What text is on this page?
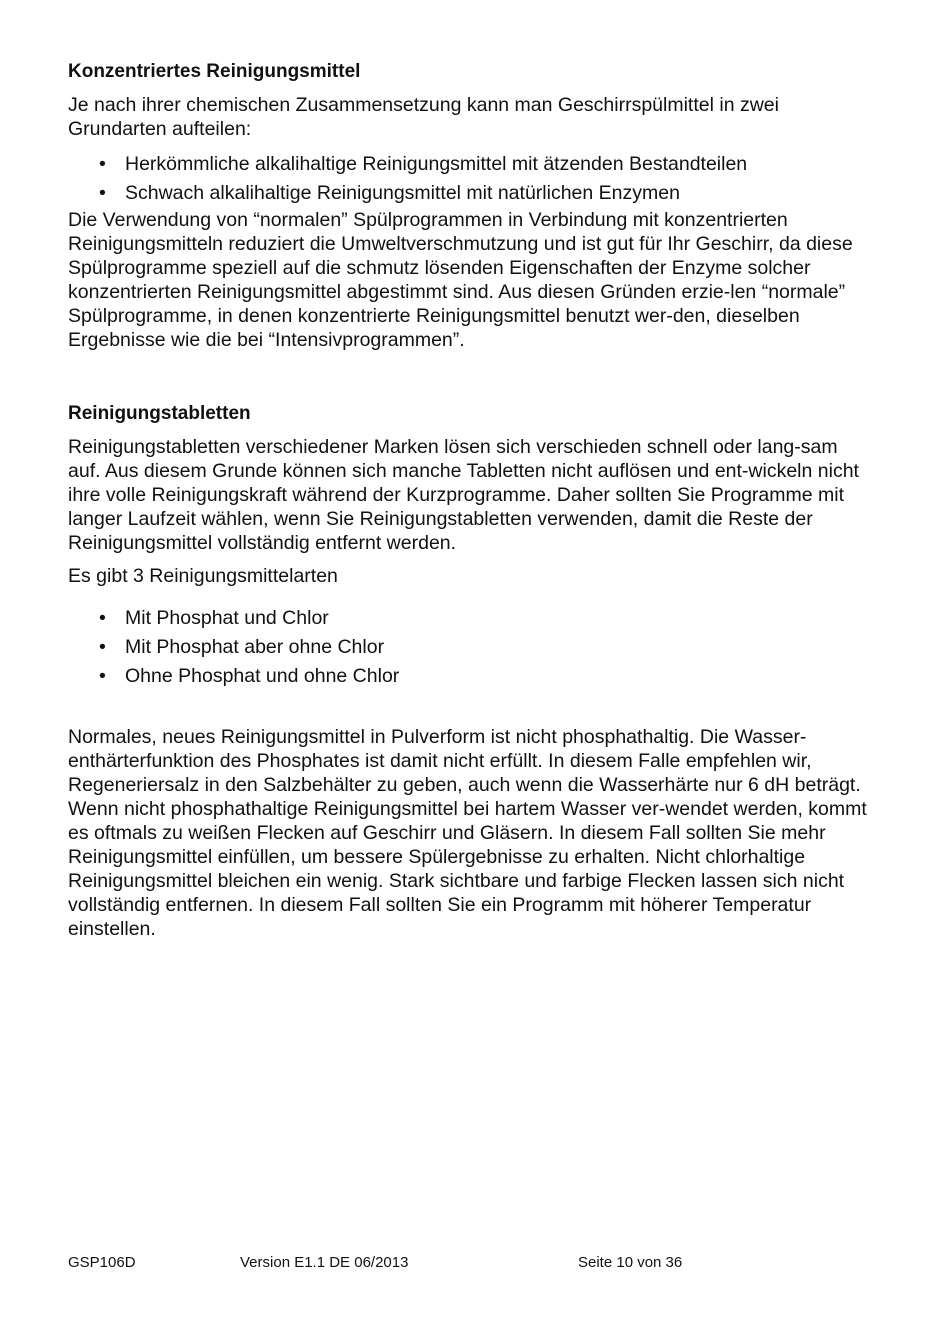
Konzentriertes Reinigungsmittel

Je nach ihrer chemischen Zusammensetzung kann man Geschirrspülmittel in zwei Grundarten aufteilen:

• Herkömmliche alkalihaltige Reinigungsmittel mit ätzenden Bestandteilen
• Schwach alkalihaltige Reinigungsmittel mit natürlichen Enzymen

Die Verwendung von “normalen” Spülprogrammen in Verbindung mit konzentrierten Reinigungsmitteln reduziert die Umweltverschmutzung und ist gut für Ihr Geschirr, da diese Spülprogramme speziell auf die schmutz lösenden Eigenschaften der Enzyme solcher konzentrierten Reinigungsmittel abgestimmt sind. Aus diesen Gründen erzie-len “normale” Spülprogramme, in denen konzentrierte Reinigungsmittel benutzt wer-den, dieselben Ergebnisse wie die bei “Intensivprogrammen”.

Reinigungstabletten

Reinigungstabletten verschiedener Marken lösen sich verschieden schnell oder lang-sam auf. Aus diesem Grunde können sich manche Tabletten nicht auflösen und ent-wickeln nicht ihre volle Reinigungskraft während der Kurzprogramme. Daher sollten Sie Programme mit langer Laufzeit wählen, wenn Sie Reinigungstabletten verwenden, damit die Reste der Reinigungsmittel vollständig entfernt werden.

Es gibt 3 Reinigungsmittelarten

• Mit Phosphat und Chlor
• Mit Phosphat aber ohne Chlor
• Ohne Phosphat und ohne Chlor

Normales, neues Reinigungsmittel in Pulverform ist nicht phosphathaltig. Die Wasser-enthärterfunktion des Phosphates ist damit nicht erfüllt. In diesem Falle empfehlen wir, Regeneriersalz in den Salzbehälter zu geben, auch wenn die Wasserhärte nur 6 dH beträgt. Wenn nicht phosphathaltige Reinigungsmittel bei hartem Wasser ver-wendet werden, kommt es oftmals zu weißen Flecken auf Geschirr und Gläsern. In diesem Fall sollten Sie mehr Reinigungsmittel einfüllen, um bessere Spülergebnisse zu erhalten. Nicht chlorhaltige Reinigungsmittel bleichen ein wenig. Stark sichtbare und farbige Flecken lassen sich nicht vollständig entfernen. In diesem Fall sollten Sie ein Programm mit höherer Temperatur einstellen.

GSP106D	Version E1.1 DE 06/2013	Seite 10 von 36
